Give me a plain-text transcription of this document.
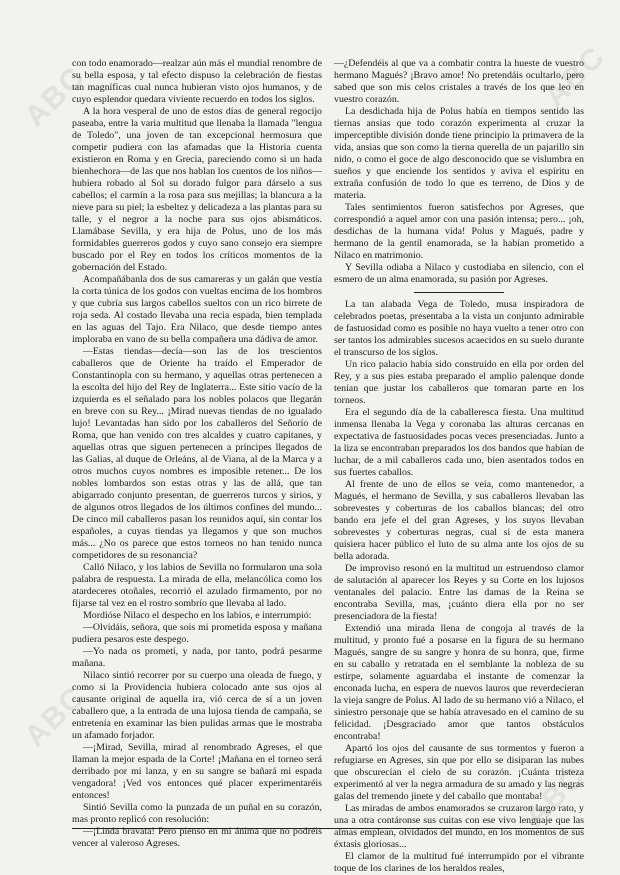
ABC
ABC
ABC
ABC

con todo enamorado—realzar aún más el mundial renombre de su bella esposa, y tal efecto dispuso la celebración de fiestas tan magníficas cual nunca hubieran visto ojos humanos, y de cuyo esplendor quedara viviente recuerdo en todos los siglos.

A la hora vesperal de uno de estos días de general regocijo paseaba, entre la varia multitud que llenaba la llamada "lengua de Toledo", una joven de tan excepcional hermosura que competir pudiera con las afamadas que la Historia cuenta existieron en Roma y en Grecia, pareciendo como si un hada bienhechora—de las que nos hablan los cuentos de los niños—hubiera robado al Sol su dorado fulgor para dárselo a sus cabellos; el carmín a la rosa para sus mejillas; la blancura a la nieve para su piel; la esbeltez y delicadeza a las plantas para su talle, y el negror a la noche para sus ojos abismáticos. Llamábase Sevilla, y era hija de Polus, uno de los más formidables guerreros godos y cuyo sano consejo era siempre buscado por el Rey en todos los críticos momentos de la gobernación del Estado.

Acompañábanla dos de sus camareras y un galán que vestía la corta túnica de los godos con vueltas encima de los hombros y que cubría sus largos cabellos sueltos con un rico birrete de roja seda. Al costado llevaba una recia espada, bien templada en las aguas del Tajo. Era Nilaco, que desde tiempo antes imploraba en vano de su bella compañera una dádiva de amor.

—Estas tiendas—decía—son las de los trescientos caballeros que de Oriente ha traído el Emperador de Constantinopla con su hermano, y aquellas otras pertenecen a la escolta del hijo del Rey de Inglaterra... Este sitio vacío de la izquierda es el señalado para los nobles polacos que llegarán en breve con su Rey... ¡Mirad nuevas tiendas de no igualado lujo! Levantadas han sido por los caballeros del Señorío de Roma, que han venido con tres alcaldes y cuatro capitanes, y aquellas otras que siguen pertenecen a príncipes llegados de las Galias, al duque de Orleáns, al de Viana, al de la Marca y a otros muchos cuyos nombres es imposible retener... De los nobles lombardos son estas otras y las de allá, que tan abigarrado conjunto presentan, de guerreros turcos y sirios, y de algunos otros llegados de los últimos confines del mundo... De cinco mil caballeros pasan los reunidos aquí, sin contar los españoles, a cuyas tiendas ya llegamos y que son muchos más... ¿No os parece que estos torneos no han tenido nunca competidores de su resonancia?

Calló Nilaco, y los labios de Sevilla no formularon una sola palabra de respuesta. La mirada de ella, melancólica como los atardeceres otoñales, recorrió el azulado firmamento, por no fijarse tal vez en el rostro sombrío que llevaba al lado.

Mordióse Nilaco el despecho en los labios, e interrumpió:

—Olvidáis, señora, que sois mi prometida esposa y mañana pudiera pesaros este despego.

—Yo nada os prometí, y nada, por tanto, podrá pesarme mañana.

Nilaco sintió recorrer por su cuerpo una oleada de fuego, y como si la Providencia hubiera colocado ante sus ojos al causante original de aquella ira, vió cerca de sí a un joven caballero que, a la entrada de una lujosa tienda de campaña, se entretenía en examinar las bien pulidas armas que le mostraba un afamado forjador.

—¡Mirad, Sevilla, mirad al renombrado Agreses, el que llaman la mejor espada de la Corte! ¡Mañana en el torneo será derribado por mi lanza, y en su sangre se bañará mi espada vengadora! ¡Ved vos entonces qué placer experimentaréis entonces!

Sintió Sevilla como la punzada de un puñal en su corazón, mas pronto replicó con resolución:

—¡Linda bravata! Pero pienso en mi ánima que no podréis vencer al valeroso Agreses.

—¿Defendéis al que va a combatir contra la hueste de vuestro hermano Magués? ¡Bravo amor! No pretendáis ocultarlo, pero sabed que son mis celos cristales a través de los que leo en vuestro corazón.

La desdichada hija de Polus había en tiempos sentido las tiernas ansias que todo corazón experimenta al cruzar la imperceptible división donde tiene principio la primavera de la vida, ansias que son como la tierna querella de un pajarillo sin nido, o como el goce de algo desconocido que se vislumbra en sueños y que enciende los sentidos y aviva el espíritu en extraña confusión de todo lo que es terreno, de Dios y de materia.

Tales sentimientos fueron satisfechos por Agreses, que correspondió a aquel amor con una pasión intensa; pero... ¡oh, desdichas de la humana vida! Polus y Magués, padre y hermano de la gentil enamorada, se la habían prometido a Nilaco en matrimonio.

Y Sevilla odiaba a Nilaco y custodiaba en silencio, con el esmero de un alma enamorada, su pasión por Agreses.

La tan alabada Vega de Toledo, musa inspiradora de celebrados poetas, presentaba a la vista un conjunto admirable de fastuosidad como es posible no haya vuelto a tener otro con ser tantos los admirables sucesos acaecidos en su suelo durante el transcurso de los siglos.

Un rico palacio había sido construído en ella por orden del Rey, y a sus pies estaba preparado el amplio palenque donde tenían que justar los caballeros que tomaran parte en los torneos.

Era el segundo día de la caballeresca fiesta. Una multitud inmensa llenaba la Vega y coronaba las alturas cercanas en expectativa de fastuosidades pocas veces presenciadas. Junto a la liza se encontraban preparados los dos bandos que habían de luchar, de a mil caballeros cada uno, bien asentados todos en sus fuertes caballos.

Al frente de uno de ellos se veía, como mantenedor, a Magués, el hermano de Sevilla, y sus caballeros llevaban las sobrevestes y coberturas de los caballos blancas; del otro bando era jefe el del gran Agreses, y los suyos llevaban sobrevestes y coberturas negras, cual si de esta manera quisiera hacer público el luto de su alma ante los ojos de su bella adorada.

De improviso resonó en la multitud un estruendoso clamor de salutación al aparecer los Reyes y su Corte en los lujosos ventanales del palacio. Entre las damas de la Reina se encontraba Sevilla, mas, ¡cuánto diera ella por no ser presenciadora de la fiesta!

Extendió una mirada llena de congoja al través de la multitud, y pronto fué a posarse en la figura de su hermano Magués, sangre de su sangre y honra de su honra, que, firme en su caballo y retratada en el semblante la nobleza de su estirpe, solamente aguardaba el instante de comenzar la enconada lucha, en espera de nuevos lauros que reverdecieran la vieja sangre de Polus. Al lado de su hermano vió a Nilaco, el siniestro personaje que se había atravesado en el camino de su felicidad. ¡Desgraciado amor que tantos obstáculos encontraba!

Apartó los ojos del causante de sus tormentos y fueron a refugiarse en Agreses, sin que por ello se disiparan las nubes que obscurecían el cielo de su corazón. ¡Cuánta tristeza experimentó al ver la negra armadura de su amado y las negras galas del tremendo jinete y del caballo que montaba!

Las miradas de ambos enamorados se cruzaron largo rato, y una a otra contáronse sus cuitas con ese vivo lenguaje que las almas emplean, olvidados del mundo, en los momentos de sus éxtasis gloriosas...

El clamor de la multitud fué interrumpido por el vibrante toque de los clarines de los heraldos reales,
